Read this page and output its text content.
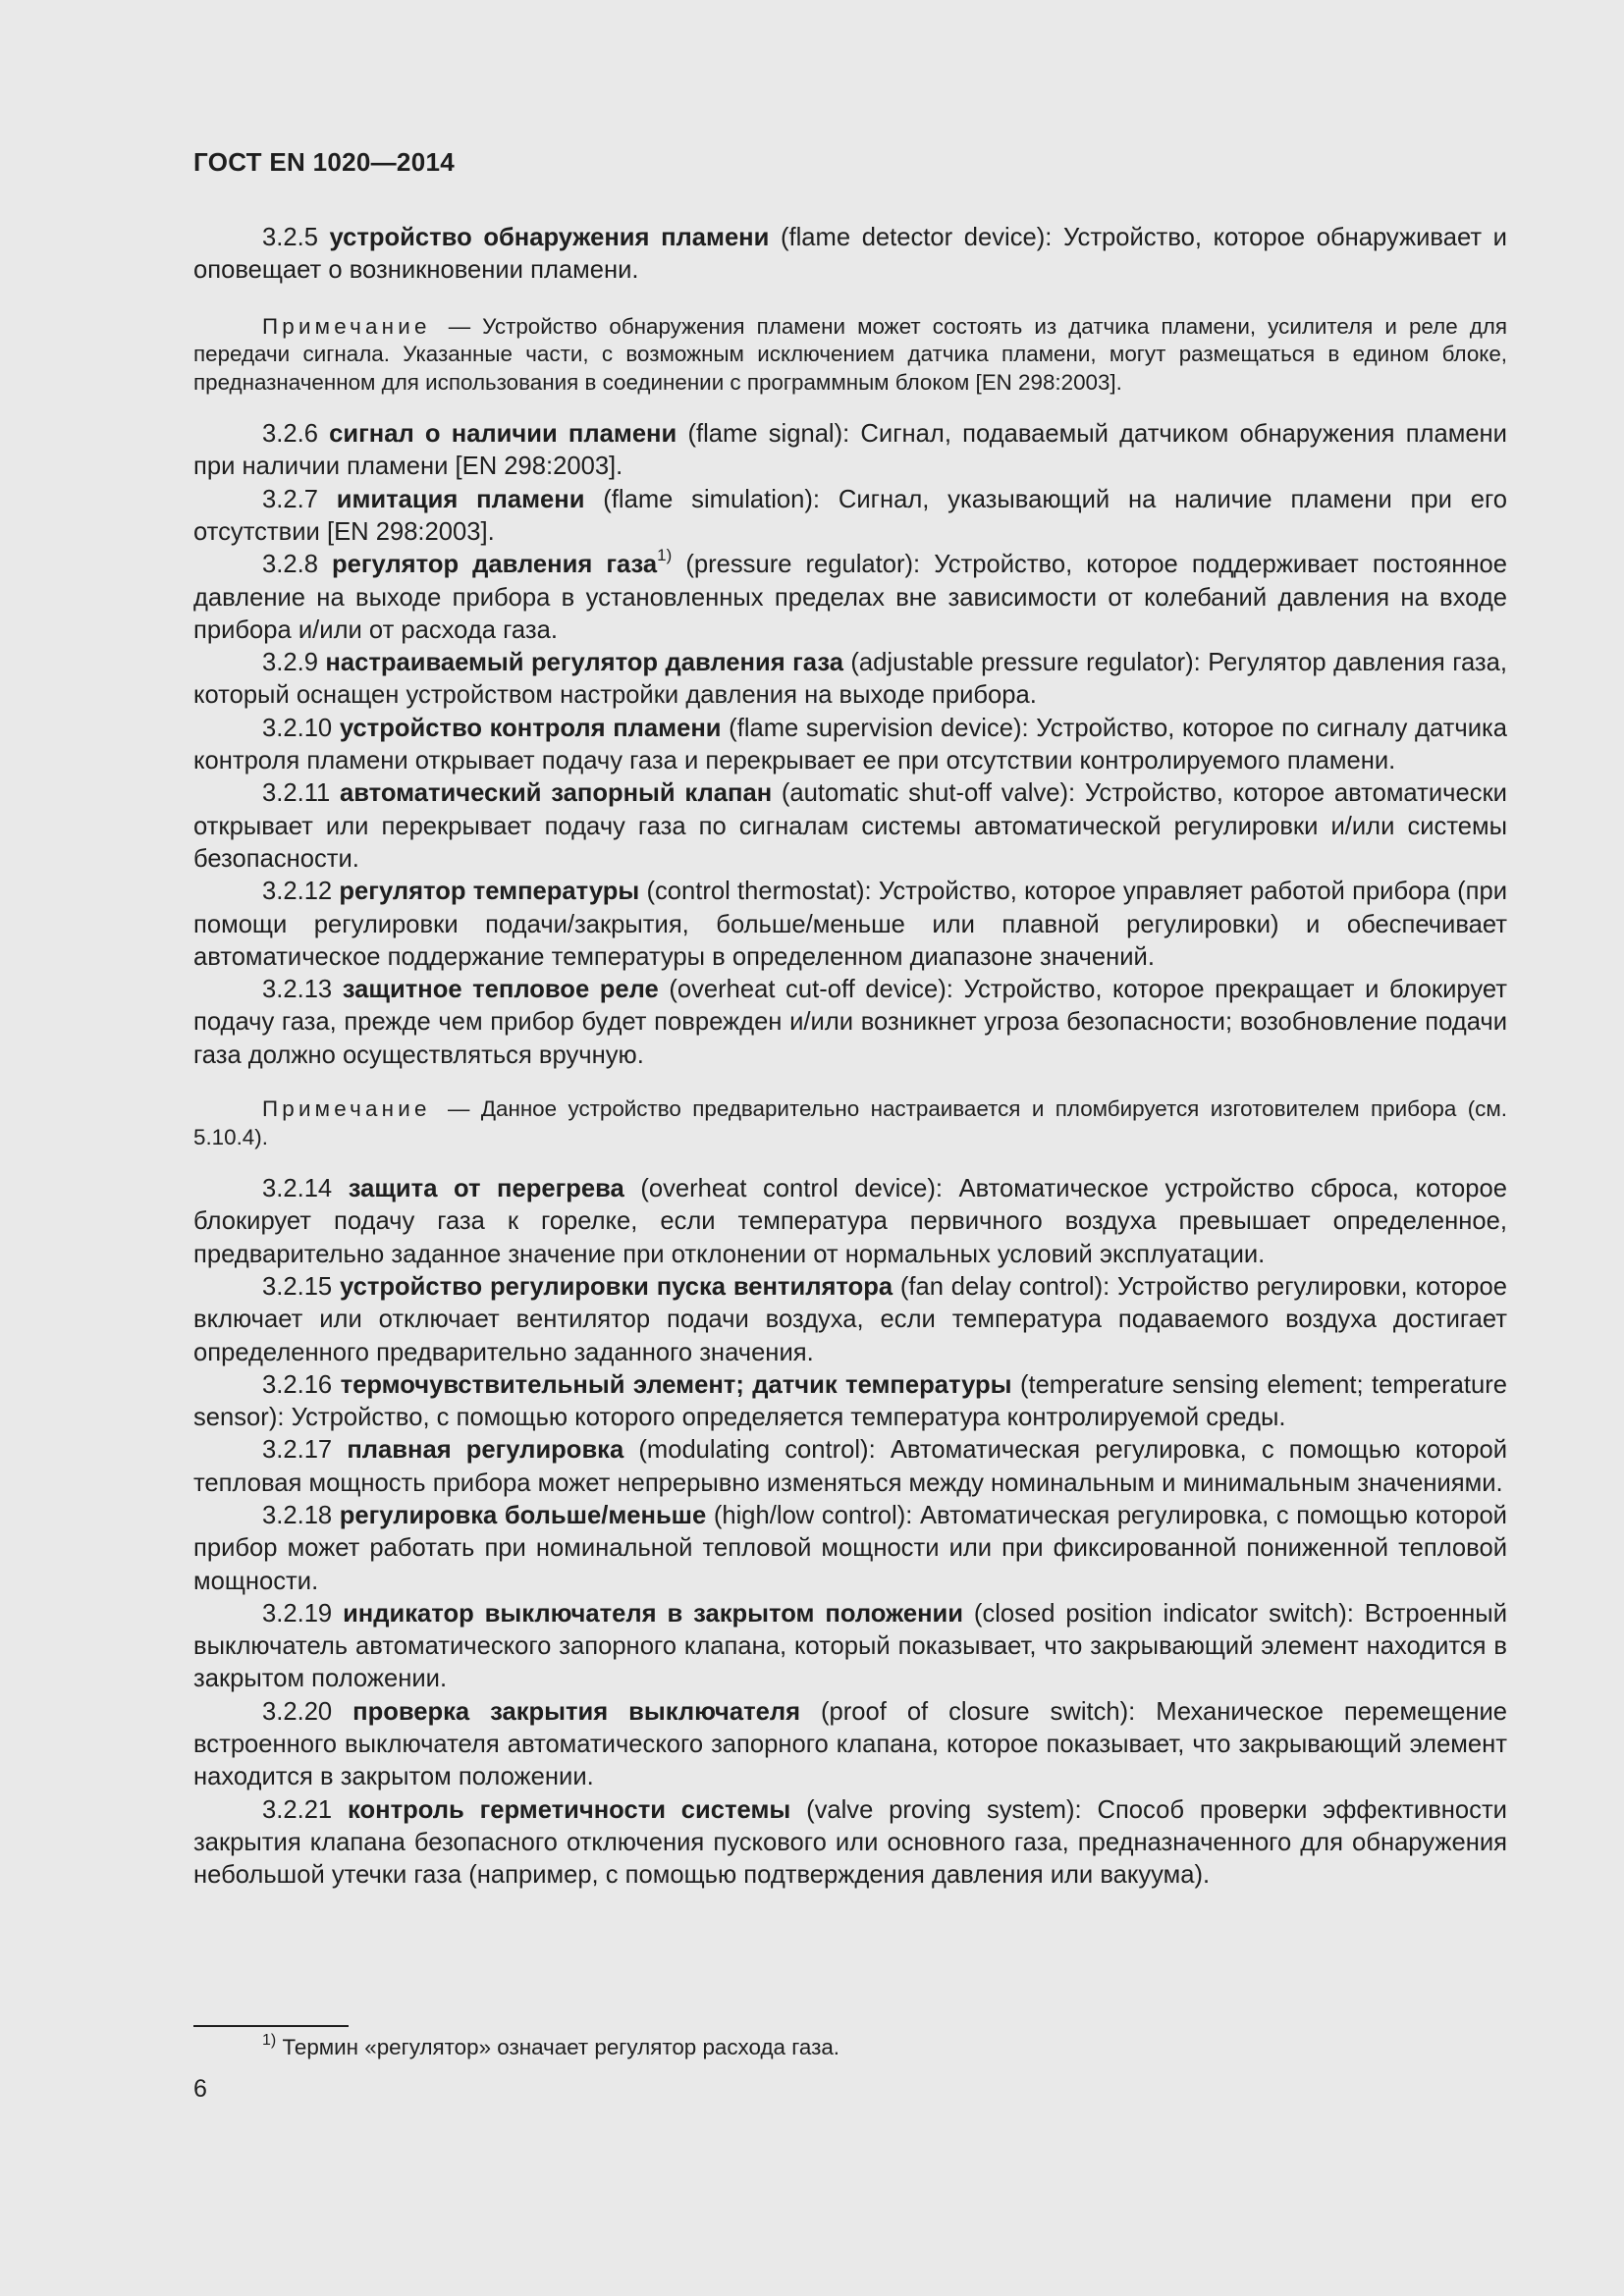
ГОСТ EN 1020—2014

3.2.5 устройство обнаружения пламени (flame detector device): Устройство, которое обнаруживает и оповещает о возникновении пламени.

Примечание — Устройство обнаружения пламени может состоять из датчика пламени, усилителя и реле для передачи сигнала. Указанные части, с возможным исключением датчика пламени, могут размещаться в едином блоке, предназначенном для использования в соединении с программным блоком [EN 298:2003].

3.2.6 сигнал о наличии пламени (flame signal): Сигнал, подаваемый датчиком обнаружения пламени при наличии пламени [EN 298:2003].

3.2.7 имитация пламени (flame simulation): Сигнал, указывающий на наличие пламени при его отсутствии [EN 298:2003].

3.2.8 регулятор давления газа$^{1)}$ (pressure regulator): Устройство, которое поддерживает постоянное давление на выходе прибора в установленных пределах вне зависимости от колебаний давления на входе прибора и/или от расхода газа.

3.2.9 настраиваемый регулятор давления газа (adjustable pressure regulator): Регулятор давления газа, который оснащен устройством настройки давления на выходе прибора.

3.2.10 устройство контроля пламени (flame supervision device): Устройство, которое по сигналу датчика контроля пламени открывает подачу газа и перекрывает ее при отсутствии контролируемого пламени.

3.2.11 автоматический запорный клапан (automatic shut-off valve): Устройство, которое автоматически открывает или перекрывает подачу газа по сигналам системы автоматической регулировки и/или системы безопасности.

3.2.12 регулятор температуры (control thermostat): Устройство, которое управляет работой прибора (при помощи регулировки подачи/закрытия, больше/меньше или плавной регулировки) и обеспечивает автоматическое поддержание температуры в определенном диапазоне значений.

3.2.13 защитное тепловое реле (overheat cut-off device): Устройство, которое прекращает и блокирует подачу газа, прежде чем прибор будет поврежден и/или возникнет угроза безопасности; возобновление подачи газа должно осуществляться вручную.

Примечание — Данное устройство предварительно настраивается и пломбируется изготовителем прибора (см. 5.10.4).

3.2.14 защита от перегрева (overheat control device): Автоматическое устройство сброса, которое блокирует подачу газа к горелке, если температура первичного воздуха превышает определенное, предварительно заданное значение при отклонении от нормальных условий эксплуатации.

3.2.15 устройство регулировки пуска вентилятора (fan delay control): Устройство регулировки, которое включает или отключает вентилятор подачи воздуха, если температура подаваемого воздуха достигает определенного предварительно заданного значения.

3.2.16 термочувствительный элемент; датчик температуры (temperature sensing element; temperature sensor): Устройство, с помощью которого определяется температура контролируемой среды.

3.2.17 плавная регулировка (modulating control): Автоматическая регулировка, с помощью которой тепловая мощность прибора может непрерывно изменяться между номинальным и минимальным значениями.

3.2.18 регулировка больше/меньше (high/low control): Автоматическая регулировка, с помощью которой прибор может работать при номинальной тепловой мощности или при фиксированной пониженной тепловой мощности.

3.2.19 индикатор выключателя в закрытом положении (closed position indicator switch): Встроенный выключатель автоматического запорного клапана, который показывает, что закрывающий элемент находится в закрытом положении.

3.2.20 проверка закрытия выключателя (proof of closure switch): Механическое перемещение встроенного выключателя автоматического запорного клапана, которое показывает, что закрывающий элемент находится в закрытом положении.

3.2.21 контроль герметичности системы (valve proving system): Способ проверки эффективности закрытия клапана безопасного отключения пускового или основного газа, предназначенного для обнаружения небольшой утечки газа (например, с помощью подтверждения давления или вакуума).

$^{1)}$ Термин «регулятор» означает регулятор расхода газа.
6
